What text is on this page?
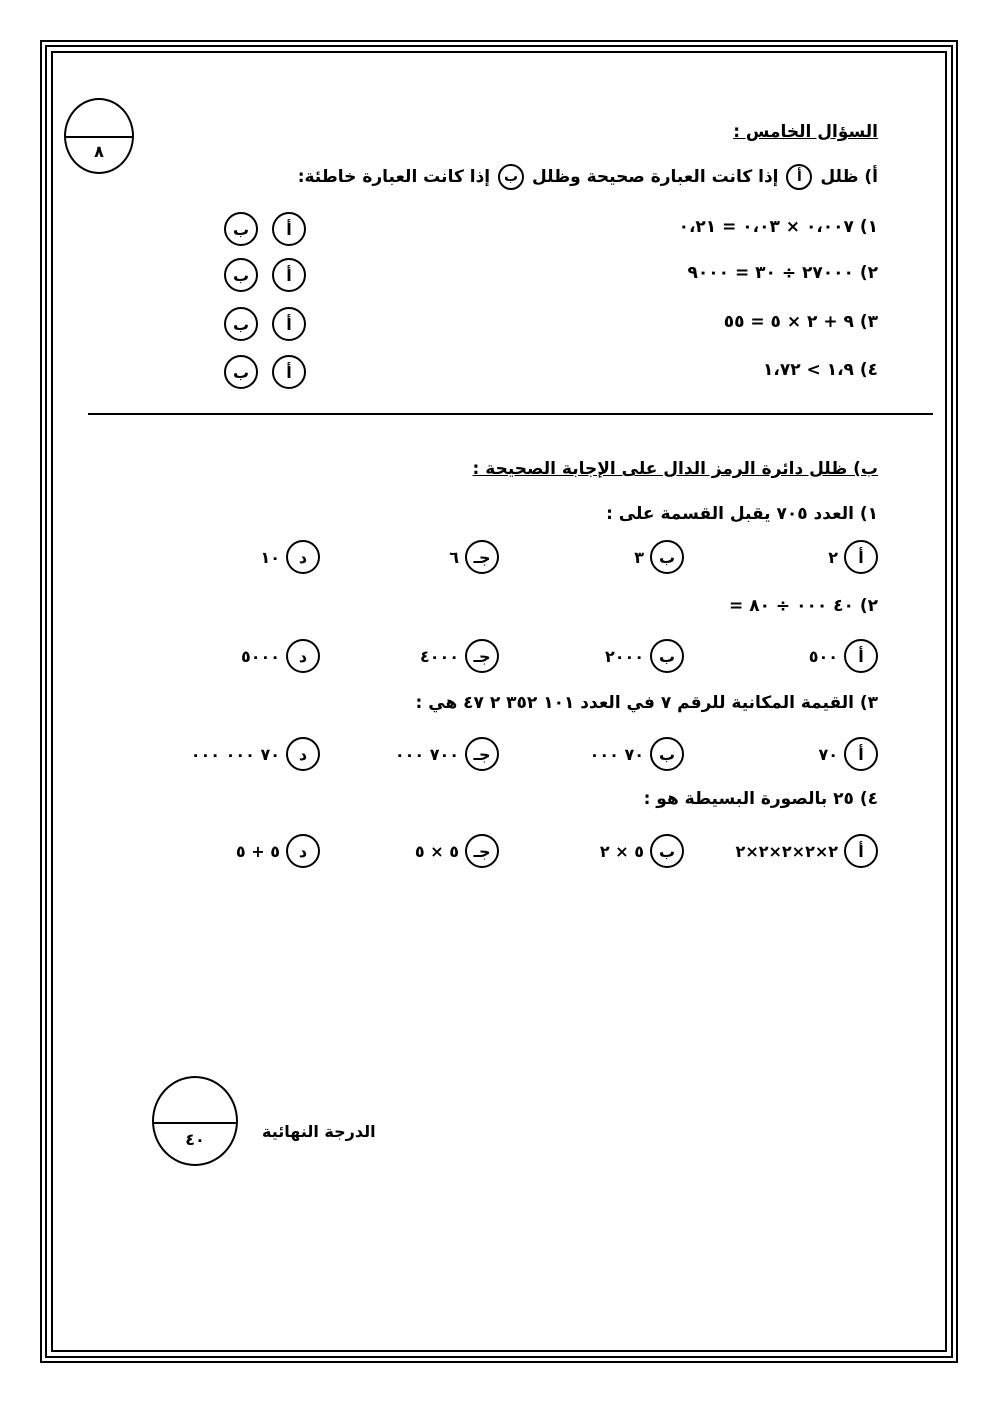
٨
السؤال الخامس :
أ) ظلل أ إذا كانت العبارة صحيحة وظلل ب إذا كانت العبارة خاطئة:
١) ٠،٠٠٧ × ٠،٠٣ = ٠،٢١
٢) ٢٧٠٠٠ ÷ ٣٠ = ٩٠٠٠
٣) ٩ + ٢ × ٥ = ٥٥
٤) ١،٩ > ١،٧٢
أ
ب
أ
ب
أ
ب
أ
ب
ب) ظلل دائرة الرمز الدال على الإجابة الصحيحة :
١) العدد ٧٠٥ يقبل القسمة على :
أ
٢
ب
٣
جـ
٦
د
١٠
٢) ٤٠ ٠٠٠ ÷ ٨٠ =
أ
٥٠٠
ب
٢٠٠٠
جـ
٤٠٠٠
د
٥٠٠٠
٣) القيمة المكانية للرقم ٧ في العدد ١٠١ ٣٥٢ ٢ ٤٧ هي :
أ
٧٠
ب
٧٠ ٠٠٠
جـ
٧٠٠ ٠٠٠
د
٧٠ ٠٠٠ ٠٠٠
٤) ٢٥ بالصورة البسيطة هو :
أ
٢×٢×٢×٢×٢
ب
٥ × ٢
جـ
٥ × ٥
د
٥ + ٥
٤٠	الدرجة النهائية
